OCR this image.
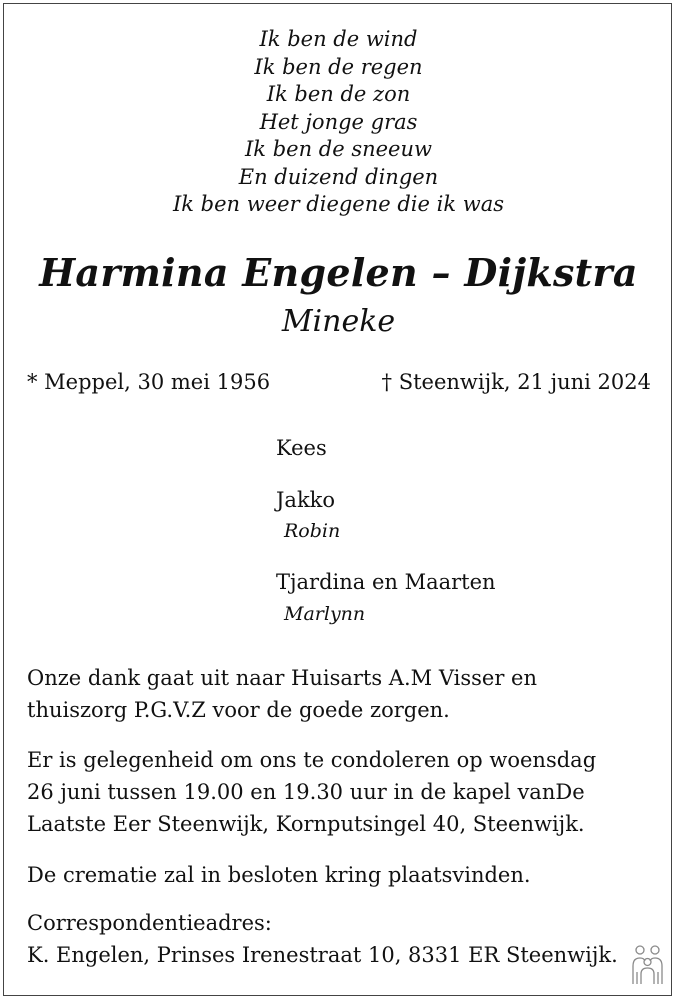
Ik ben de wind
Ik ben de regen
Ik ben de zon
Het jonge gras
Ik ben de sneeuw
En duizend dingen
Ik ben weer diegene die ik was
Harmina Engelen – Dijkstra
Mineke
* Meppel, 30 mei 1956	† Steenwijk, 21 juni 2024
Kees
Jakko
Robin
Tjardina en Maarten
Marlynn
Onze dank gaat uit naar Huisarts A.M Visser en
thuiszorg P.G.V.Z voor de goede zorgen.
Er is gelegenheid om ons te condoleren op woensdag
26 juni tussen 19.00 en 19.30 uur in de kapel vanDe
Laatste Eer Steenwijk, Kornputsingel 40, Steenwijk.
De crematie zal in besloten kring plaatsvinden.
Correspondentieadres:
K. Engelen, Prinses Irenestraat 10, 8331 ER Steenwijk.
